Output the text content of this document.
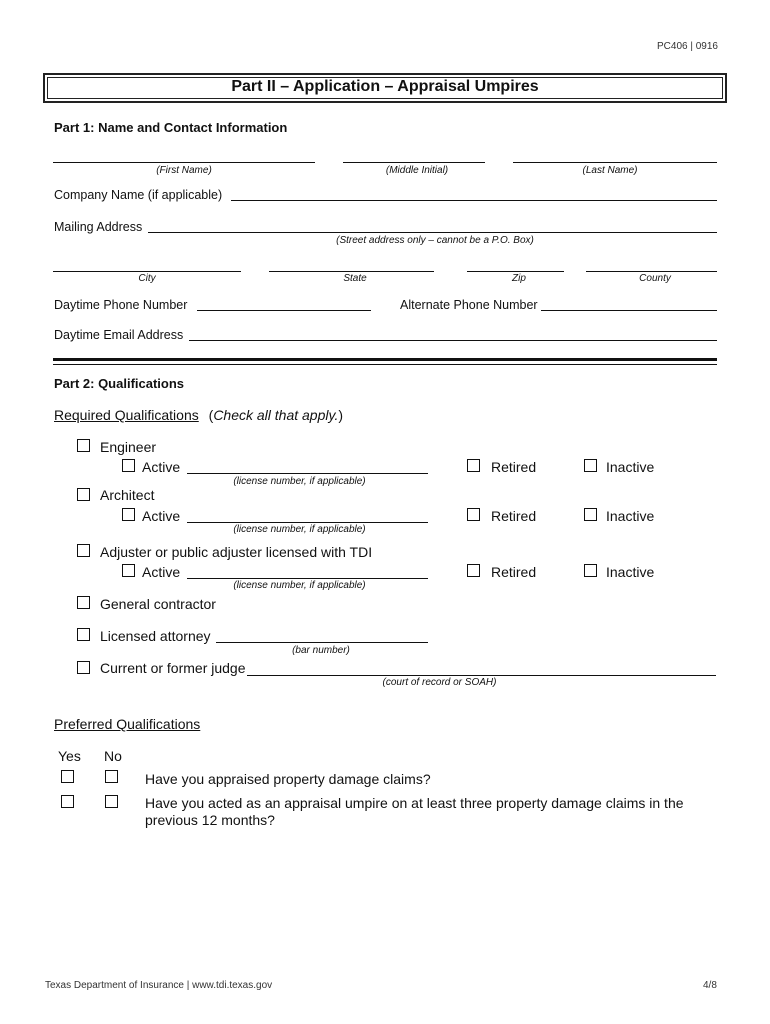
PC406 | 0916
Part II – Application – Appraisal Umpires
Part 1: Name and Contact Information
(First Name)	(Middle Initial)	(Last Name)
Company Name (if applicable)
Mailing Address
(Street address only – cannot be a P.O. Box)
City	State	Zip	County
Daytime Phone Number	Alternate Phone Number
Daytime Email Address
Part 2: Qualifications
Required Qualifications (Check all that apply.)
Engineer
Active
(license number, if applicable)
Retired	Inactive
Architect
Active
(license number, if applicable)
Retired	Inactive
Adjuster or public adjuster licensed with TDI
Active
(license number, if applicable)
Retired	Inactive
General contractor
Licensed attorney
(bar number)
Current or former judge
(court of record or SOAH)
Preferred Qualifications
Yes No
Have you appraised property damage claims?
Have you acted as an appraisal umpire on at least three property damage claims in the
previous 12 months?
Texas Department of Insurance | www.tdi.texas.gov	4/8
